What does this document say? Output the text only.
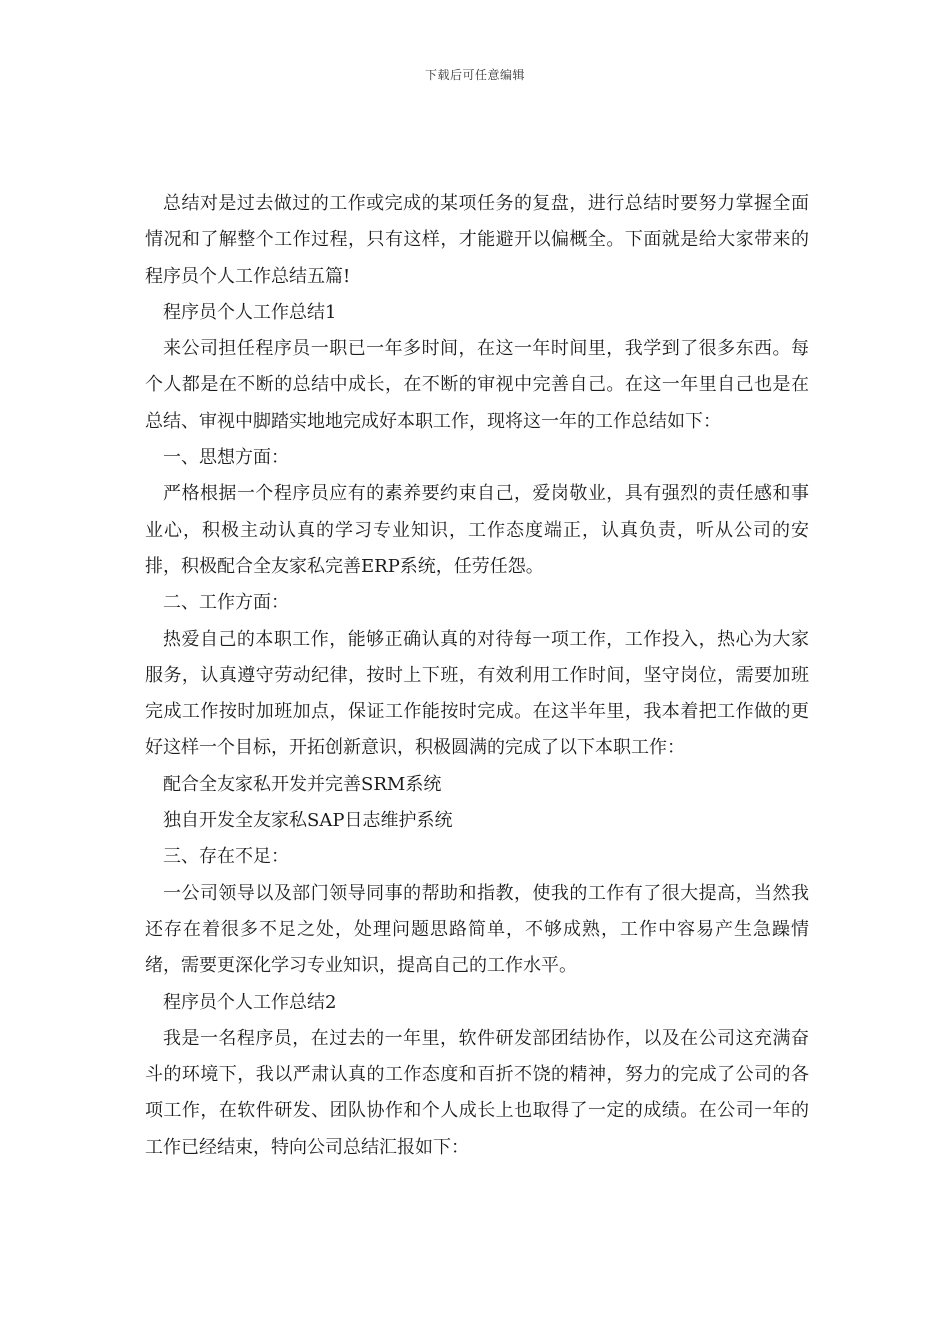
下载后可任意编辑

总结对是过去做过的工作或完成的某项任务的复盘，进行总结时要努力掌握全面情况和了解整个工作过程，只有这样，才能避开以偏概全。下面就是给大家带来的程序员个人工作总结五篇!

程序员个人工作总结1

来公司担任程序员一职已一年多时间，在这一年时间里，我学到了很多东西。每个人都是在不断的总结中成长，在不断的审视中完善自己。在这一年里自己也是在总结、审视中脚踏实地地完成好本职工作，现将这一年的工作总结如下：

一、思想方面：

严格根据一个程序员应有的素养要约束自己，爱岗敬业，具有强烈的责任感和事业心，积极主动认真的学习专业知识，工作态度端正，认真负责，听从公司的安排，积极配合全友家私完善ERP系统，任劳任怨。

二、工作方面：

热爱自己的本职工作，能够正确认真的对待每一项工作，工作投入，热心为大家服务，认真遵守劳动纪律，按时上下班，有效利用工作时间，坚守岗位，需要加班完成工作按时加班加点，保证工作能按时完成。在这半年里，我本着把工作做的更好这样一个目标，开拓创新意识，积极圆满的完成了以下本职工作：

配合全友家私开发并完善SRM系统

独自开发全友家私SAP日志维护系统

三、存在不足：

一公司领导以及部门领导同事的帮助和指教，使我的工作有了很大提高，当然我还存在着很多不足之处，处理问题思路简单，不够成熟，工作中容易产生急躁情绪，需要更深化学习专业知识，提高自己的工作水平。

程序员个人工作总结2

我是一名程序员，在过去的一年里，软件研发部团结协作，以及在公司这充满奋斗的环境下，我以严肃认真的工作态度和百折不饶的精神，努力的完成了公司的各项工作，在软件研发、团队协作和个人成长上也取得了一定的成绩。在公司一年的工作已经结束，特向公司总结汇报如下：
